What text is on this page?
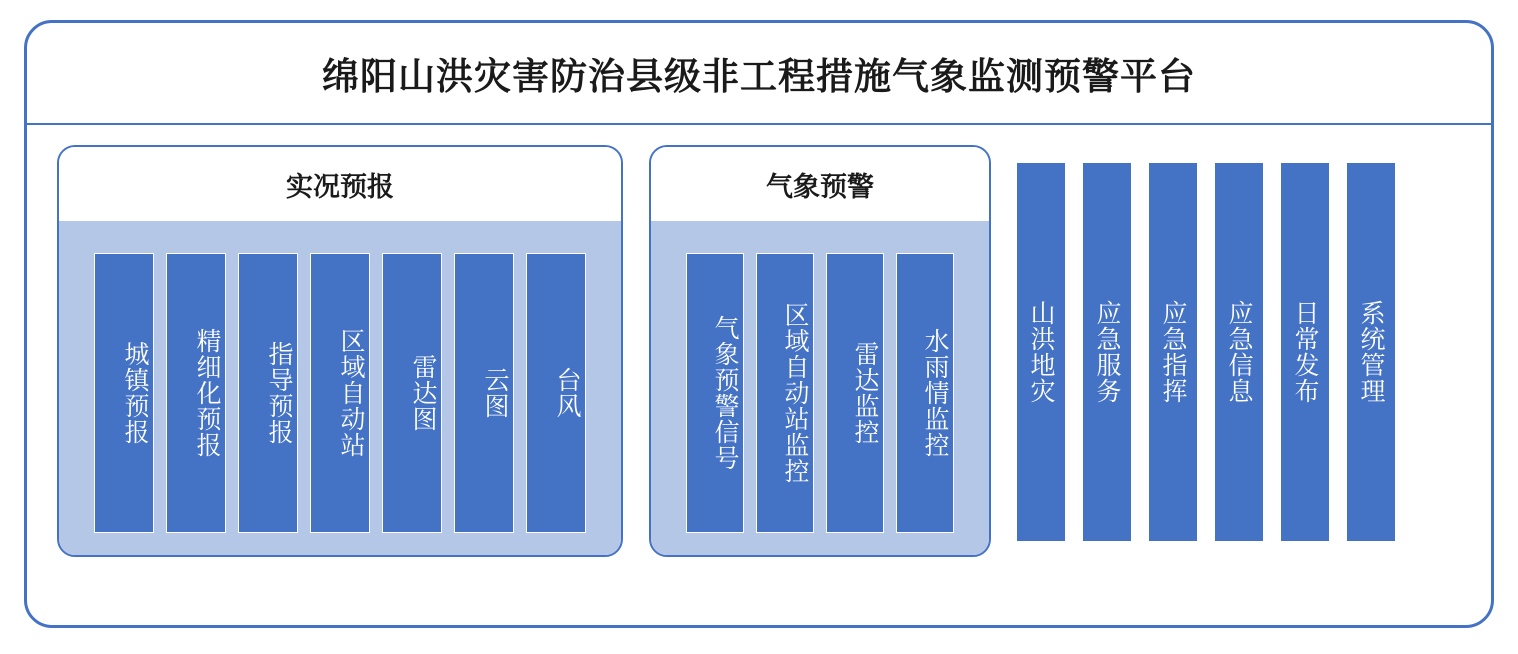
绵阳山洪灾害防治县级非工程措施气象监测预警平台
实况预报
城镇预报	精细化预报	指导预报	区域自动站	雷达图	云图	台风
气象预警
气象预警信号	区域自动站监控	雷达监控	水雨情监控	山洪地灾	应急服务	应急指挥	应急信息	日常发布	系统管理
